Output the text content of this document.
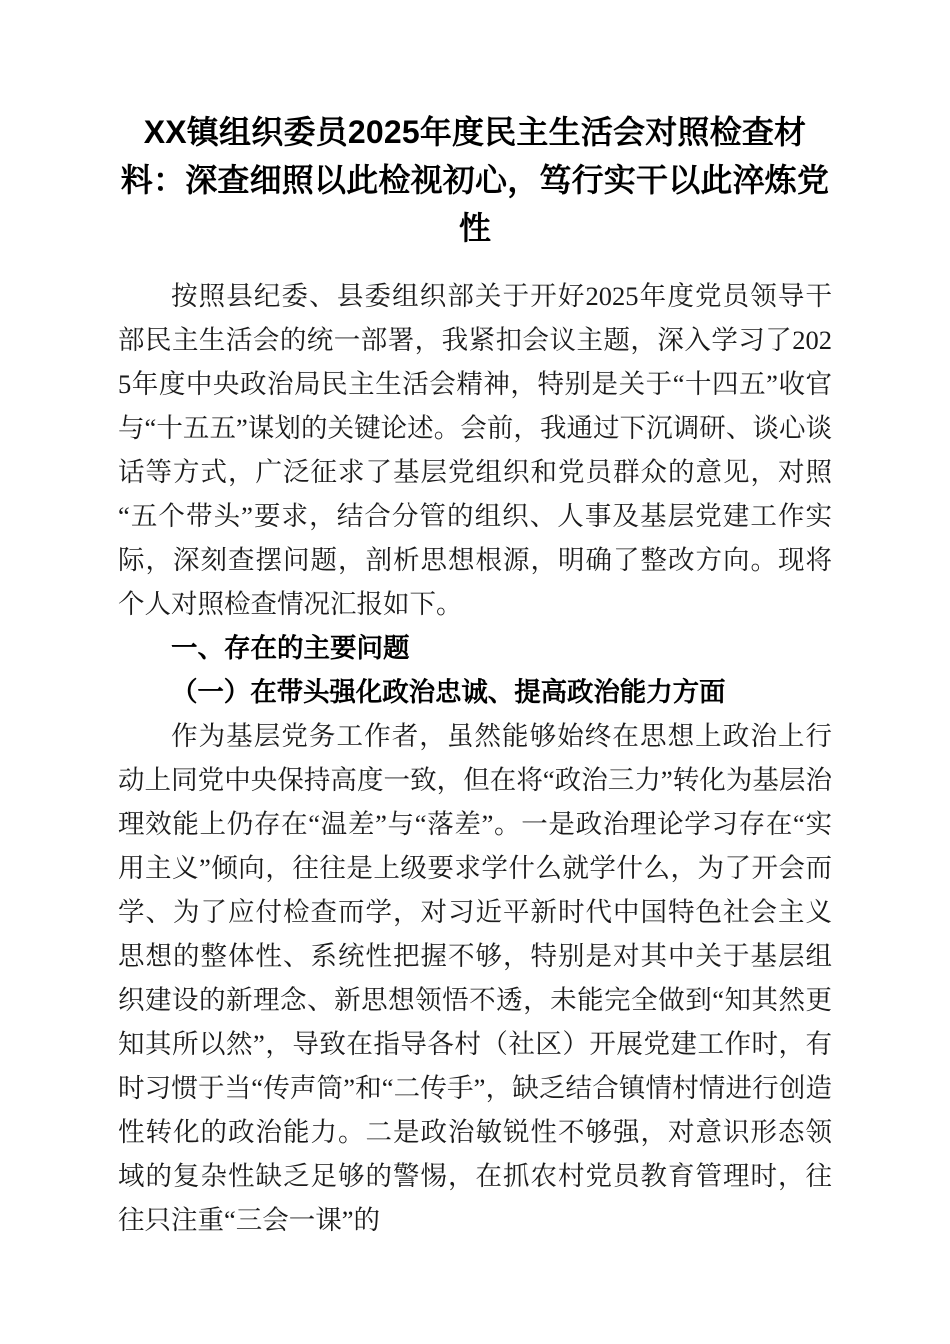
XX镇组织委员2025年度民主生活会对照检查材料：深查细照以此检视初心，笃行实干以此淬炼党性

按照县纪委、县委组织部关于开好2025年度党员领导干部民主生活会的统一部署，我紧扣会议主题，深入学习了2025年度中央政治局民主生活会精神，特别是关于“十四五”收官与“十五五”谋划的关键论述。会前，我通过下沉调研、谈心谈话等方式，广泛征求了基层党组织和党员群众的意见，对照“五个带头”要求，结合分管的组织、人事及基层党建工作实际，深刻查摆问题，剖析思想根源，明确了整改方向。现将个人对照检查情况汇报如下。

一、存在的主要问题

（一）在带头强化政治忠诚、提高政治能力方面

作为基层党务工作者，虽然能够始终在思想上政治上行动上同党中央保持高度一致，但在将“政治三力”转化为基层治理效能上仍存在“温差”与“落差”。一是政治理论学习存在“实用主义”倾向，往往是上级要求学什么就学什么，为了开会而学、为了应付检查而学，对习近平新时代中国特色社会主义思想的整体性、系统性把握不够，特别是对其中关于基层组织建设的新理念、新思想领悟不透，未能完全做到“知其然更知其所以然”，导致在指导各村（社区）开展党建工作时，有时习惯于当“传声筒”和“二传手”，缺乏结合镇情村情进行创造性转化的政治能力。二是政治敏锐性不够强，对意识形态领域的复杂性缺乏足够的警惕，在抓农村党员教育管理时，往往只注重“三会一课”的
